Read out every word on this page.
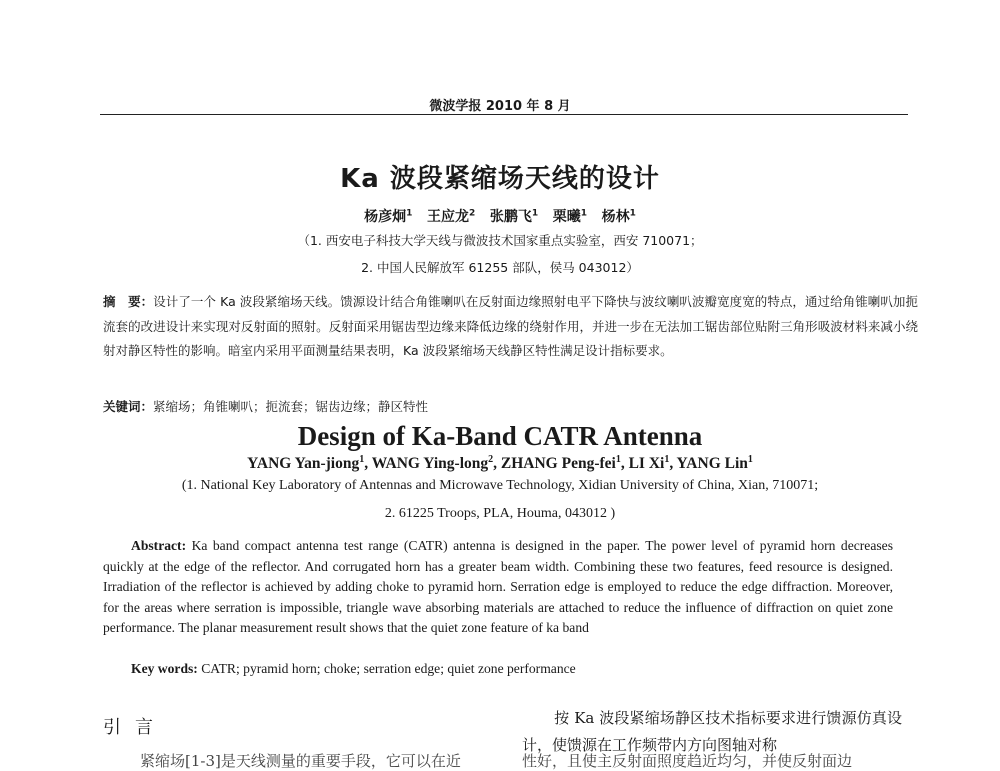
微波学报 2010 年 8 月
Ka 波段紧缩场天线的设计
杨彦炯$^1$ 王应龙$^2$ 张鹏飞$^1$ 栗曦$^1$ 杨林$^1$
（1. 西安电子科技大学天线与微波技术国家重点实验室，西安 710071；
2. 中国人民解放军 61255 部队，侯马 043012）
摘　要：设计了一个 Ka 波段紧缩场天线。馈源设计结合角锥喇叭在反射面边缘照射电平下降快与波纹喇叭波瓣宽度宽的特点，通过给角锥喇叭加扼流套的改进设计来实现对反射面的照射。反射面采用锯齿型边缘来降低边缘的绕射作用，并进一步在无法加工锯齿部位贴附三角形吸波材料来减小绕射对静区特性的影响。暗室内采用平面测量结果表明，Ka 波段紧缩场天线静区特性满足设计指标要求。
关键词：紧缩场；角锥喇叭；扼流套；锯齿边缘；静区特性
Design of Ka-Band CATR Antenna
YANG Yan-jiong$^1$, WANG Ying-long$^2$, ZHANG Peng-fei$^1$, LI Xi$^1$, YANG Lin$^1$
(1. National Key Laboratory of Antennas and Microwave Technology, Xidian University of China, Xian, 710071;
2. 61225 Troops, PLA, Houma, 043012 )
Abstract: Ka band compact antenna test range (CATR) antenna is designed in the paper. The power level of pyramid horn decreases quickly at the edge of the reflector. And corrugated horn has a greater beam width. Combining these two features, feed resource is designed. Irradiation of the reflector is achieved by adding choke to pyramid horn. Serration edge is employed to reduce the edge diffraction. Moreover, for the areas where serration is impossible, triangle wave absorbing materials are attached to reduce the influence of diffraction on quiet zone performance. The planar measurement result shows that the quiet zone feature of ka band
Key words: CATR; pyramid horn; choke; serration edge; quiet zone performance
引言	按 Ka 波段紧缩场静区技术指标要求进行馈源仿真设计，使馈源在工作频带内方向图轴对称
紧缩场[1-3]是天线测量的重要手段，它可以在近	性好，且使主反射面照度趋近均匀，并使反射面边
